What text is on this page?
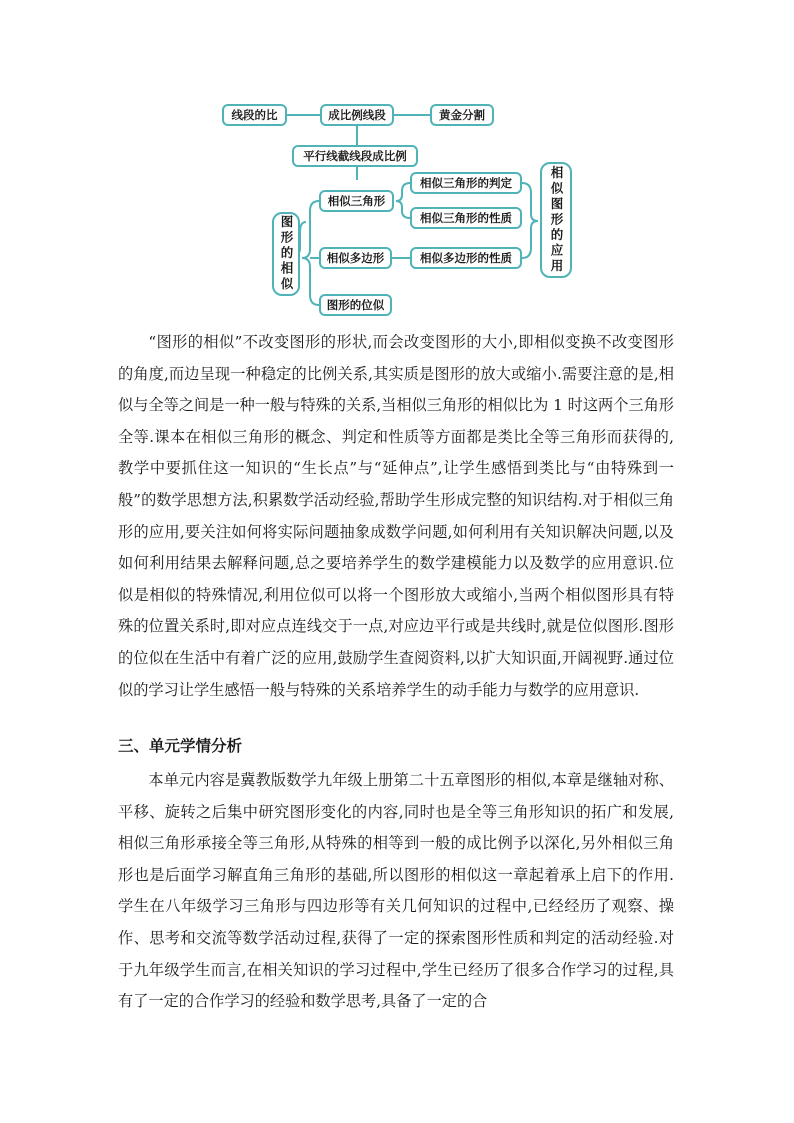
线段的比	成比例线段	黄金分割
平行线截线段成比例
相似三角形
相似三角形的判定
相似三角形的性质
相似多边形	相似多边形的性质
图形的位似
图形的相似	相似图形的应用

“图形的相似”不改变图形的形状,而会改变图形的大小,即相似变换不改变图形的角度,而边呈现一种稳定的比例关系,其实质是图形的放大或缩小.需要注意的是,相似与全等之间是一种一般与特殊的关系,当相似三角形的相似比为 1 时这两个三角形全等.课本在相似三角形的概念、判定和性质等方面都是类比全等三角形而获得的,教学中要抓住这一知识的“生长点”与“延伸点”,让学生感悟到类比与“由特殊到一般”的数学思想方法,积累数学活动经验,帮助学生形成完整的知识结构.对于相似三角形的应用,要关注如何将实际问题抽象成数学问题,如何利用有关知识解决问题,以及如何利用结果去解释问题,总之要培养学生的数学建模能力以及数学的应用意识.位似是相似的特殊情况,利用位似可以将一个图形放大或缩小,当两个相似图形具有特殊的位置关系时,即对应点连线交于一点,对应边平行或是共线时,就是位似图形.图形的位似在生活中有着广泛的应用,鼓励学生查阅资料,以扩大知识面,开阔视野.通过位似的学习让学生感悟一般与特殊的关系培养学生的动手能力与数学的应用意识.

三、单元学情分析

本单元内容是冀教版数学九年级上册第二十五章图形的相似,本章是继轴对称、平移、旋转之后集中研究图形变化的内容,同时也是全等三角形知识的拓广和发展,相似三角形承接全等三角形,从特殊的相等到一般的成比例予以深化,另外相似三角形也是后面学习解直角三角形的基础,所以图形的相似这一章起着承上启下的作用.学生在八年级学习三角形与四边形等有关几何知识的过程中,已经经历了观察、操作、思考和交流等数学活动过程,获得了一定的探索图形性质和判定的活动经验.对于九年级学生而言,在相关知识的学习过程中,学生已经历了很多合作学习的过程,具有了一定的合作学习的经验和数学思考,具备了一定的合
